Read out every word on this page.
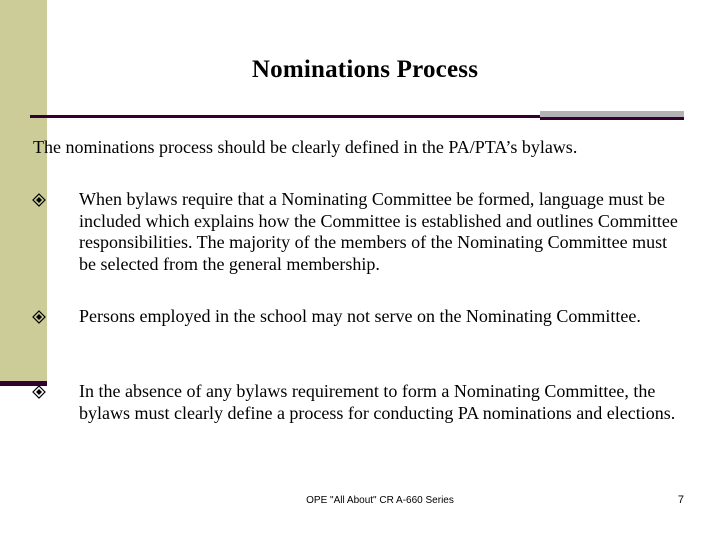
Nominations Process
The nominations process should be clearly defined in the PA/PTA’s bylaws.
When bylaws require that a Nominating Committee be formed, language must be included which explains how the Committee is established and outlines Committee responsibilities. The majority of the members of the Nominating Committee must be selected from the general membership.
Persons employed in the school may not serve on the Nominating Committee.
In the absence of any bylaws requirement to form a Nominating Committee, the bylaws must clearly define a process for conducting PA nominations and elections.
OPE "All About" CR A-660 Series	7
